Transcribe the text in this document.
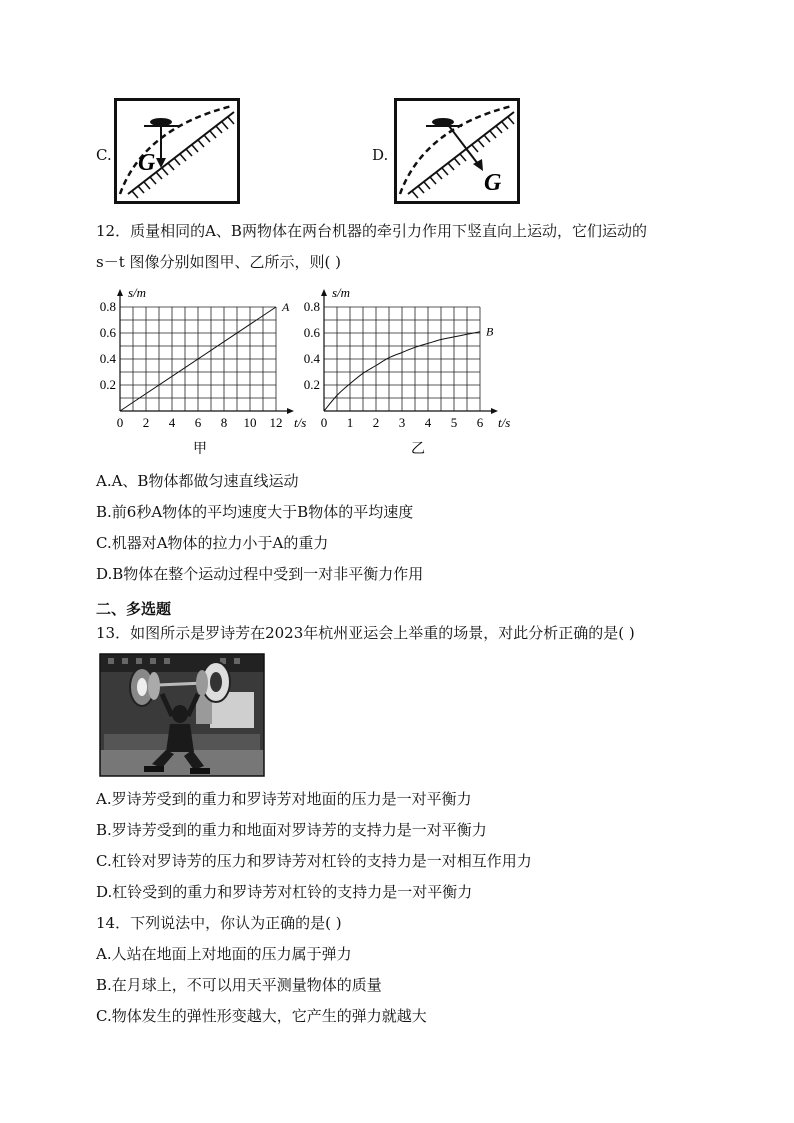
C. G	D.
G
12．质量相同的A、B两物体在两台机器的牵引力作用下竖直向上运动，它们运动的
s－t 图像分别如图甲、乙所示，则( )
0 2 4 6 8 10 12
0.2
0.4
0.6
0.8
s/m
t/s
A
甲
0 1 2 3 4 5 6
0.2
0.4
0.6
0.8
s/m
t/s
B
乙
A.A、B物体都做匀速直线运动
B.前6秒A物体的平均速度大于B物体的平均速度
C.机器对A物体的拉力小于A的重力
D.B物体在整个运动过程中受到一对非平衡力作用
二、多选题
13．如图所示是罗诗芳在2023年杭州亚运会上举重的场景，对此分析正确的是( )
A.罗诗芳受到的重力和罗诗芳对地面的压力是一对平衡力
B.罗诗芳受到的重力和地面对罗诗芳的支持力是一对平衡力
C.杠铃对罗诗芳的压力和罗诗芳对杠铃的支持力是一对相互作用力
D.杠铃受到的重力和罗诗芳对杠铃的支持力是一对平衡力
14．下列说法中，你认为正确的是( )
A.人站在地面上对地面的压力属于弹力
B.在月球上，不可以用天平测量物体的质量
C.物体发生的弹性形变越大，它产生的弹力就越大
